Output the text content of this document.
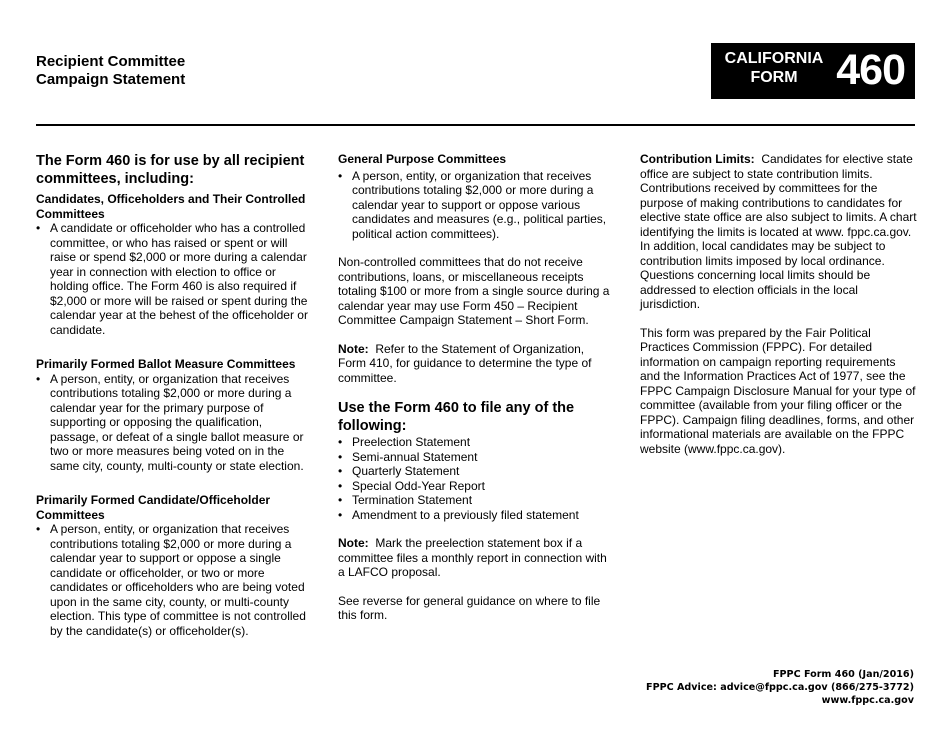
Recipient Committee
Campaign Statement
CALIFORNIA
FORM 460
The Form 460 is for use by all recipient committees, including:
Candidates, Officeholders and Their Controlled Committees
• A candidate or officeholder who has a controlled committee, or who has raised or spent or will raise or spend $2,000 or more during a calendar year in connection with election to office or holding office. The Form 460 is also required if $2,000 or more will be raised or spent during the calendar year at the behest of the officeholder or candidate.
Primarily Formed Ballot Measure Committees
• A person, entity, or organization that receives contributions totaling $2,000 or more during a calendar year for the primary purpose of supporting or opposing the qualification, passage, or defeat of a single ballot measure or two or more measures being voted on in the same city, county, multi-county or state election.
Primarily Formed Candidate/Officeholder Committees
• A person, entity, or organization that receives contributions totaling $2,000 or more during a calendar year to support or oppose a single candidate or officeholder, or two or more candidates or officeholders who are being voted upon in the same city, county, or multi-county election. This type of committee is not controlled by the candidate(s) or officeholder(s).
General Purpose Committees
• A person, entity, or organization that receives contributions totaling $2,000 or more during a calendar year to support or oppose various candidates and measures (e.g., political parties, political action committees).

Non-controlled committees that do not receive contributions, loans, or miscellaneous receipts totaling $100 or more from a single source during a calendar year may use Form 450 – Recipient Committee Campaign Statement – Short Form.

Note: Refer to the Statement of Organization, Form 410, for guidance to determine the type of committee.

Use the Form 460 to file any of the following:
• Preelection Statement
• Semi-annual Statement
• Quarterly Statement
• Special Odd-Year Report
• Termination Statement
• Amendment to a previously filed statement

Note: Mark the preelection statement box if a committee files a monthly report in connection with a LAFCO proposal.

See reverse for general guidance on where to file this form.

Contribution Limits: Candidates for elective state office are subject to state contribution limits. Contributions received by committees for the purpose of making contributions to candidates for elective state office are also subject to limits. A chart identifying the limits is located at www. fppc.ca.gov. In addition, local candidates may be subject to contribution limits imposed by local ordinance. Questions concerning local limits should be addressed to election officials in the local jurisdiction.

This form was prepared by the Fair Political Practices Commission (FPPC). For detailed information on campaign reporting requirements and the Information Practices Act of 1977, see the FPPC Campaign Disclosure Manual for your type of committee (available from your filing officer or the FPPC). Campaign filing deadlines, forms, and other informational materials are available on the FPPC website (www.fppc.ca.gov).

FPPC Form 460 (Jan/2016)
FPPC Advice: advice@fppc.ca.gov (866/275-3772)
www.fppc.ca.gov
